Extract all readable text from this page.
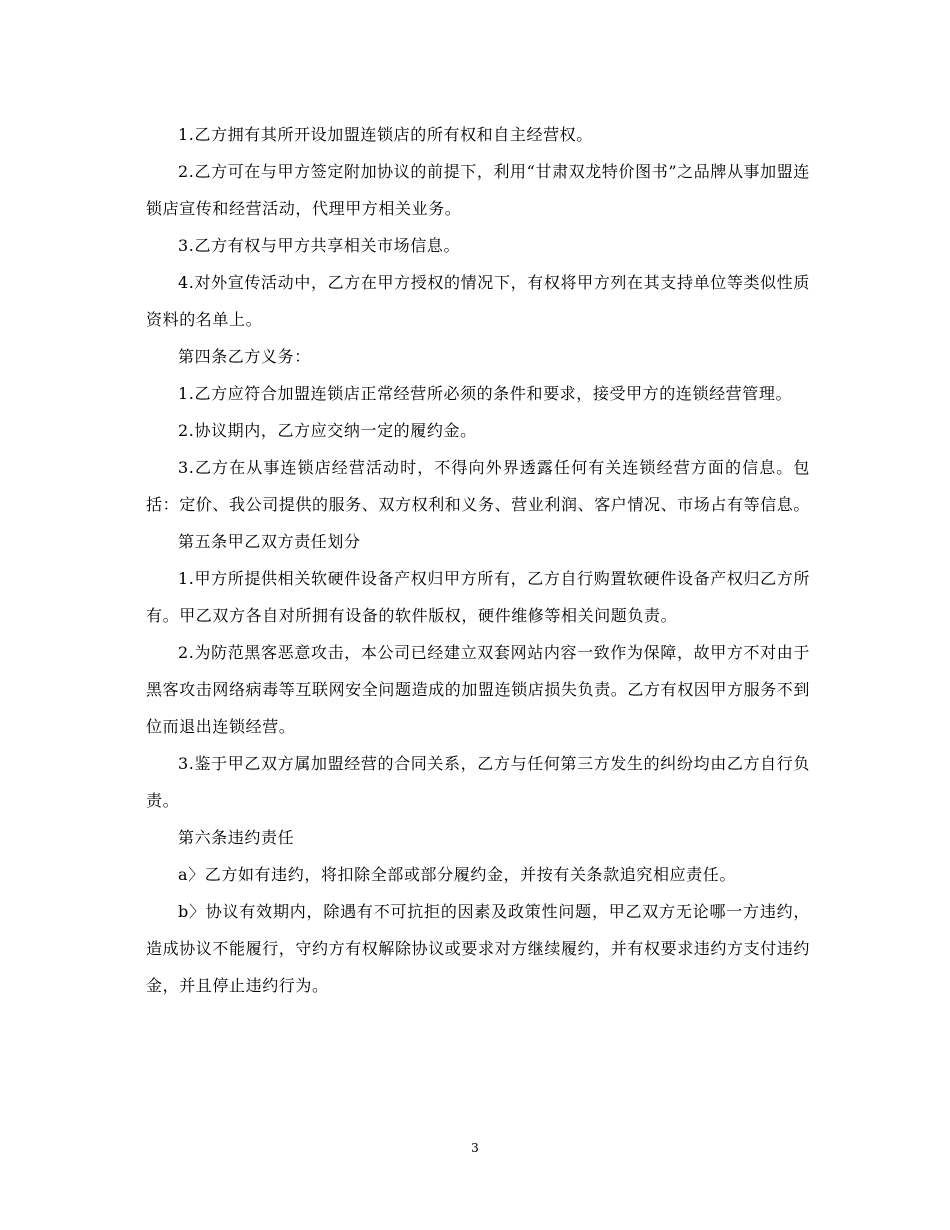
1.乙方拥有其所开设加盟连锁店的所有权和自主经营权。

2.乙方可在与甲方签定附加协议的前提下，利用“甘肃双龙特价图书”之品牌从事加盟连锁店宣传和经营活动，代理甲方相关业务。

3.乙方有权与甲方共享相关市场信息。

4.对外宣传活动中，乙方在甲方授权的情况下，有权将甲方列在其支持单位等类似性质资料的名单上。

第四条乙方义务：

1.乙方应符合加盟连锁店正常经营所必须的条件和要求，接受甲方的连锁经营管理。

2.协议期内，乙方应交纳一定的履约金。

3.乙方在从事连锁店经营活动时，不得向外界透露任何有关连锁经营方面的信息。包括：定价、我公司提供的服务、双方权利和义务、营业利润、客户情况、市场占有等信息。

第五条甲乙双方责任划分

1.甲方所提供相关软硬件设备产权归甲方所有，乙方自行购置软硬件设备产权归乙方所有。甲乙双方各自对所拥有设备的软件版权，硬件维修等相关问题负责。

2.为防范黑客恶意攻击，本公司已经建立双套网站内容一致作为保障，故甲方不对由于黑客攻击网络病毒等互联网安全问题造成的加盟连锁店损失负责。乙方有权因甲方服务不到位而退出连锁经营。

3.鉴于甲乙双方属加盟经营的合同关系，乙方与任何第三方发生的纠纷均由乙方自行负责。

第六条违约责任

a〉乙方如有违约，将扣除全部或部分履约金，并按有关条款追究相应责任。

b〉协议有效期内，除遇有不可抗拒的因素及政策性问题，甲乙双方无论哪一方违约，造成协议不能履行，守约方有权解除协议或要求对方继续履约，并有权要求违约方支付违约金，并且停止违约行为。

3
